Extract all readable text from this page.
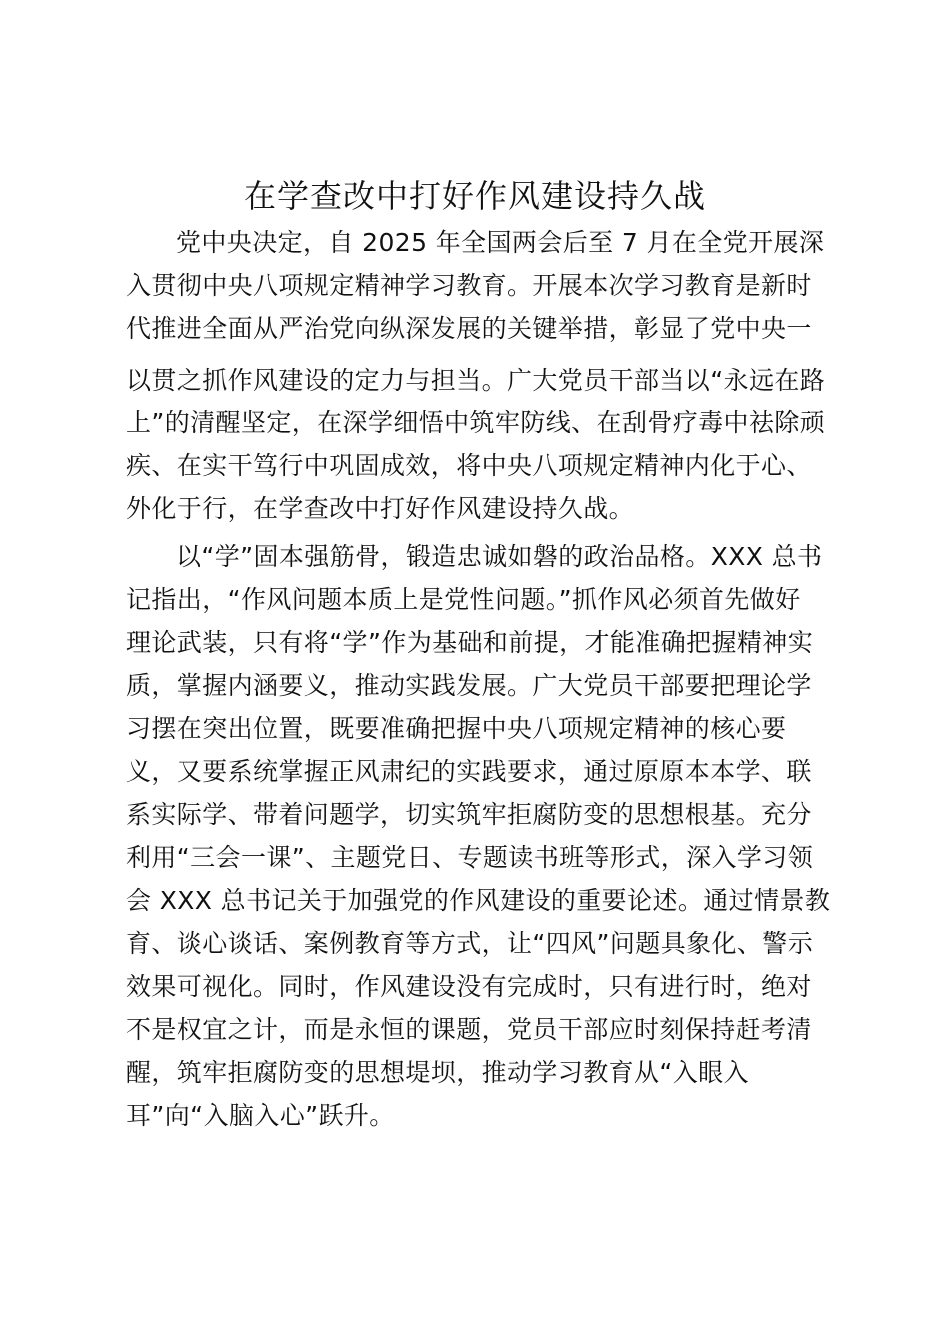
在学查改中打好作风建设持久战
党中央决定，自 2025 年全国两会后至 7 月在全党开展深
入贯彻中央八项规定精神学习教育。开展本次学习教育是新时
代推进全面从严治党向纵深发展的关键举措，彰显了党中央一
以贯之抓作风建设的定力与担当。广大党员干部当以“永远在路
上”的清醒坚定，在深学细悟中筑牢防线、在刮骨疗毒中祛除顽
疾、在实干笃行中巩固成效，将中央八项规定精神内化于心、
外化于行，在学查改中打好作风建设持久战。
以“学”固本强筋骨，锻造忠诚如磐的政治品格。XXX 总书
记指出，“作风问题本质上是党性问题。”抓作风必须首先做好
理论武装，只有将“学”作为基础和前提，才能准确把握精神实
质，掌握内涵要义，推动实践发展。广大党员干部要把理论学
习摆在突出位置，既要准确把握中央八项规定精神的核心要
义，又要系统掌握正风肃纪的实践要求，通过原原本本学、联
系实际学、带着问题学，切实筑牢拒腐防变的思想根基。充分
利用“三会一课”、主题党日、专题读书班等形式，深入学习领
会 XXX 总书记关于加强党的作风建设的重要论述。通过情景教
育、谈心谈话、案例教育等方式，让“四风”问题具象化、警示
效果可视化。同时，作风建设没有完成时，只有进行时，绝对
不是权宜之计，而是永恒的课题，党员干部应时刻保持赶考清
醒，筑牢拒腐防变的思想堤坝，推动学习教育从“入眼入
耳”向“入脑入心”跃升。
